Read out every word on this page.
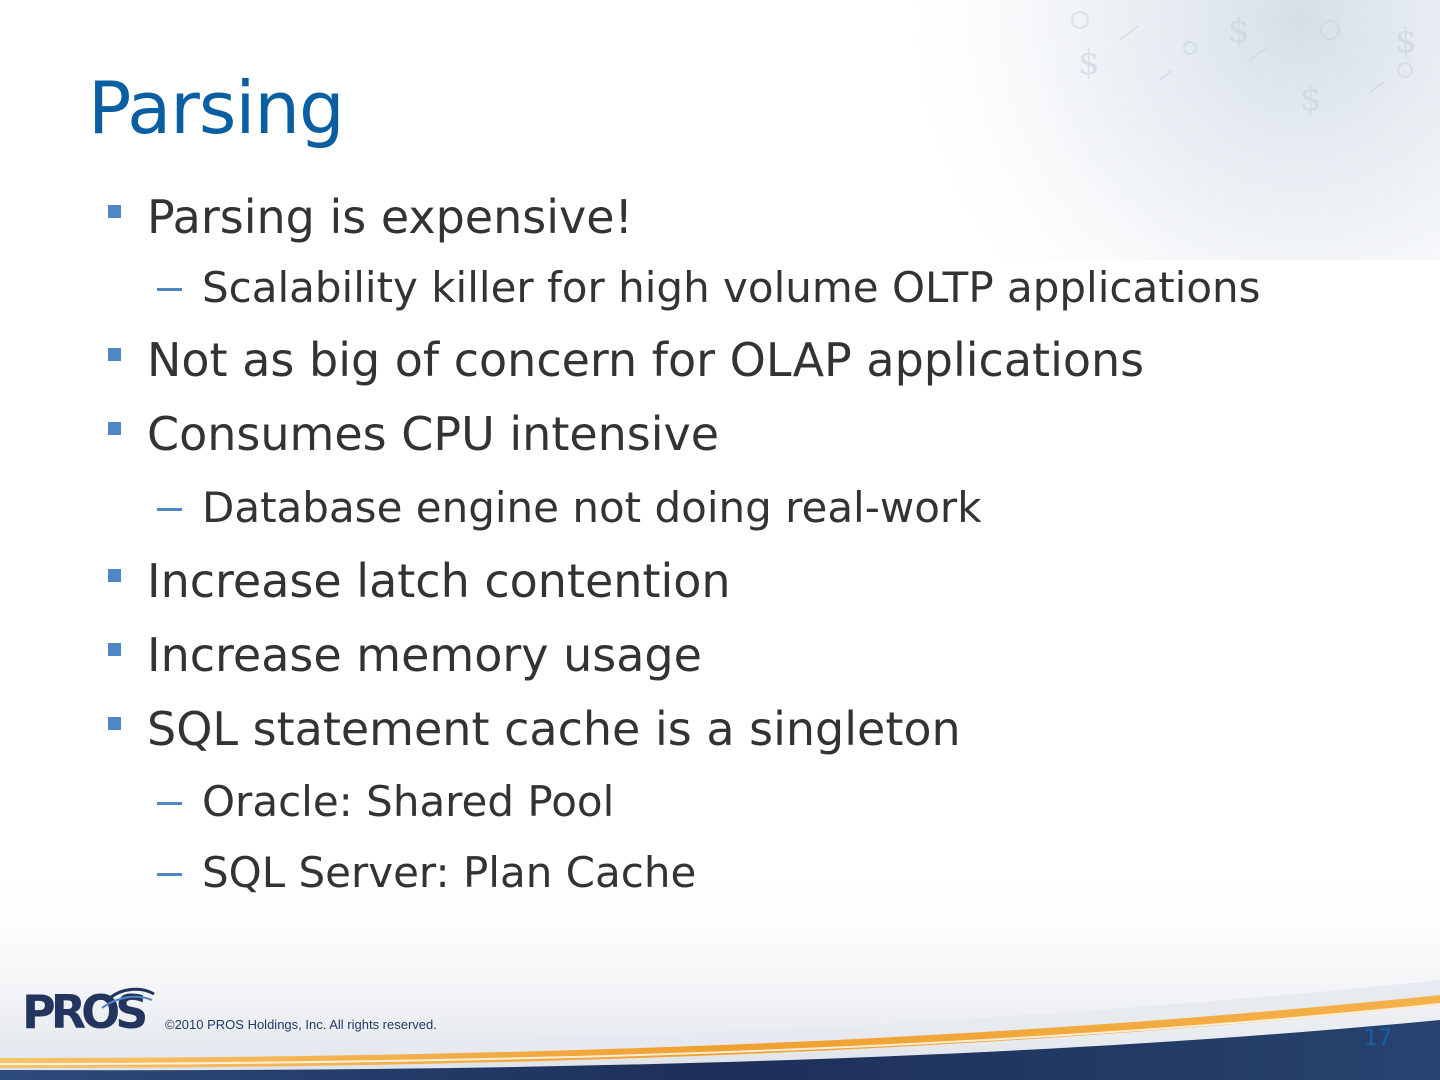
$	$
$
$
Parsing
Parsing is expensive!
Scalability killer for high volume OLTP applications
Not as big of concern for OLAP applications
Consumes CPU intensive
Database engine not doing real-work
Increase latch contention
Increase memory usage
SQL statement cache is a singleton
Oracle: Shared Pool
SQL Server: Plan Cache
PROS ©2010 PROS Holdings, Inc. All rights reserved.
17
